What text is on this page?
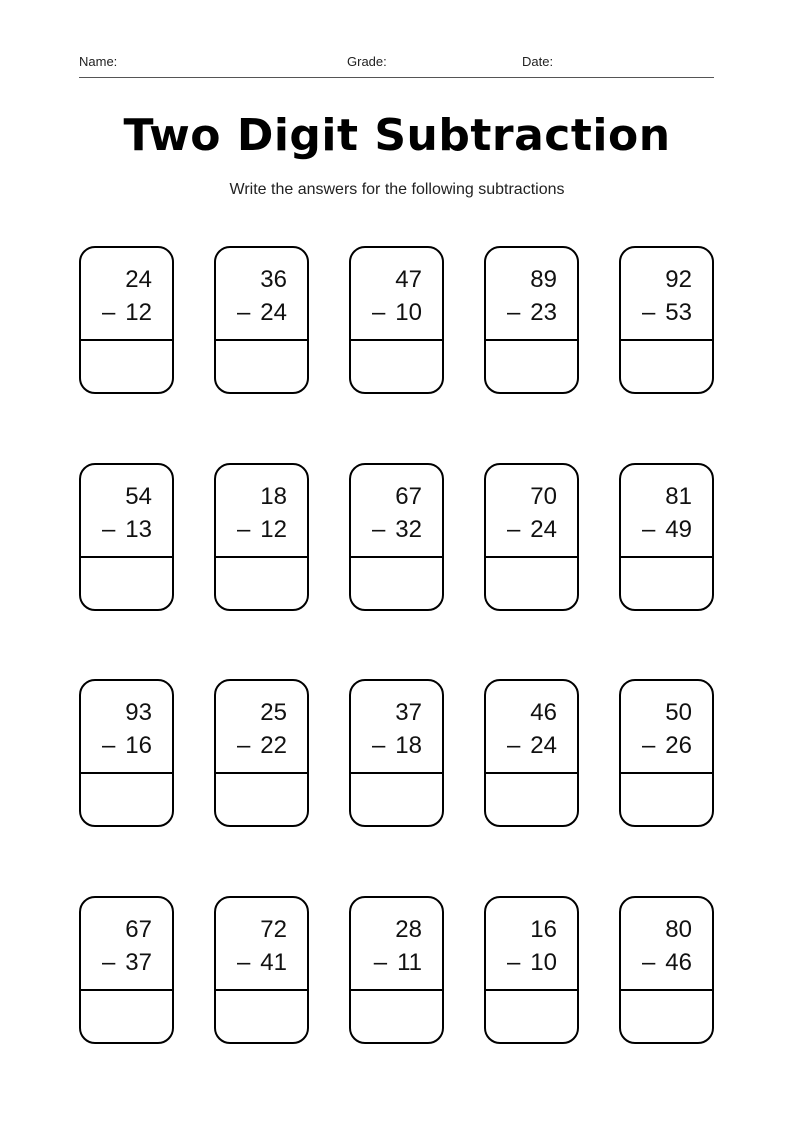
Name:	Grade:	Date:
Two Digit Subtraction
Write the answers for the following subtractions
24
– 12
36
– 24
47
– 10
89
– 23
92
– 53
54
– 13
18
– 12
67
– 32
70
– 24
81
– 49
93
– 16
25
– 22
37
– 18
46
– 24
50
– 26
67
– 37
72
– 41
28
– 11
16
– 10
80
– 46
